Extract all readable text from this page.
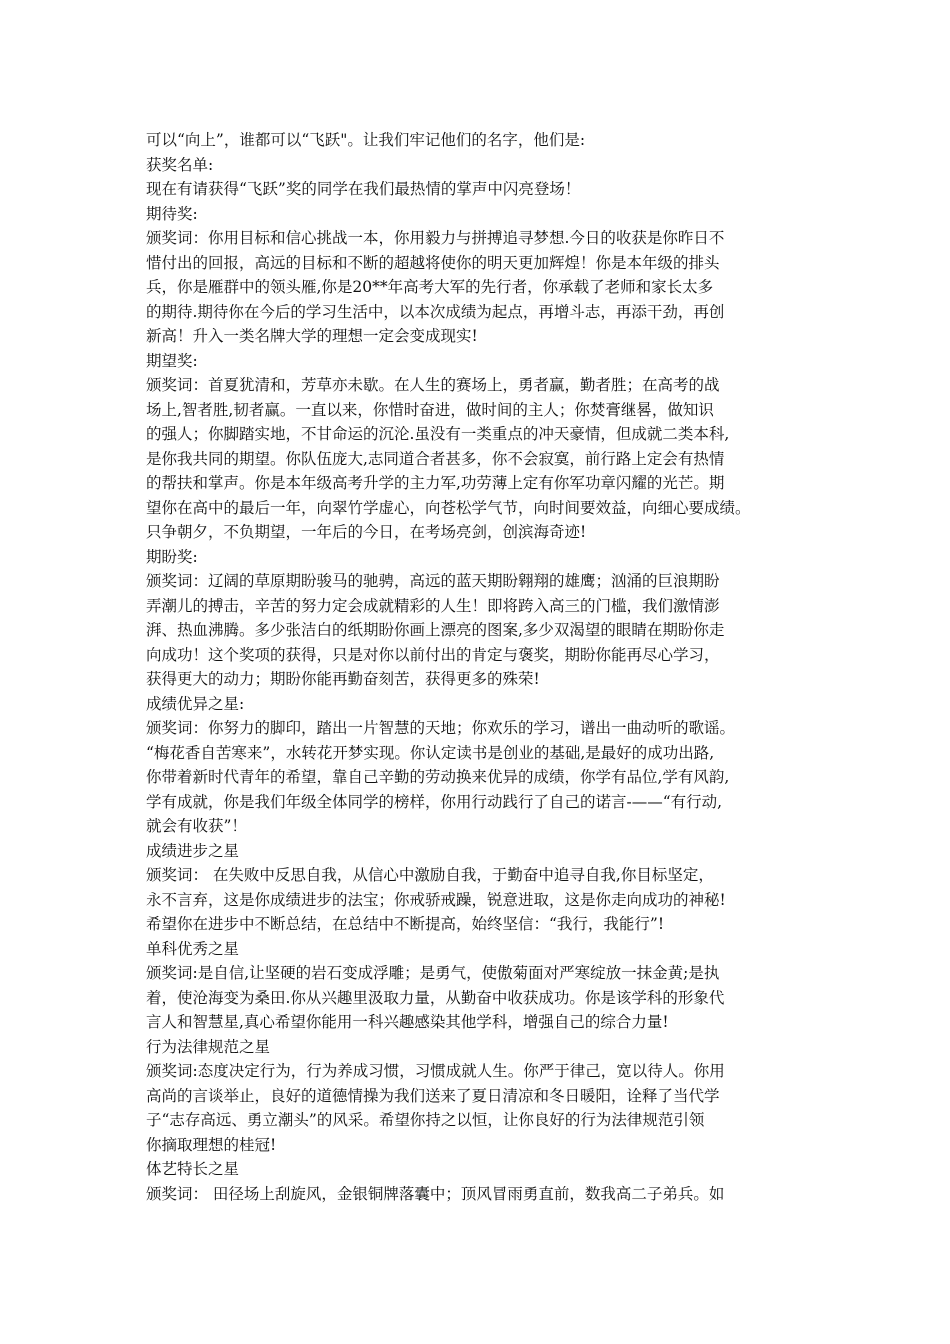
可以“向上”，谁都可以“飞跃"。让我们牢记他们的名字，他们是:
获奖名单:
现在有请获得“飞跃”奖的同学在我们最热情的掌声中闪亮登场！
期待奖:
颁奖词：你用目标和信心挑战一本，你用毅力与拼搏追寻梦想.今日的收获是你昨日不
惜付出的回报，高远的目标和不断的超越将使你的明天更加辉煌！你是本年级的排头
兵，你是雁群中的领头雁,你是20**年高考大军的先行者，你承载了老师和家长太多
的期待.期待你在今后的学习生活中，以本次成绩为起点，再增斗志，再添干劲，再创
新高！升入一类名牌大学的理想一定会变成现实!
期望奖:
颁奖词：首夏犹清和，芳草亦未歇。在人生的赛场上，勇者赢，勤者胜；在高考的战
场上,智者胜,韧者赢。一直以来，你惜时奋进，做时间的主人；你焚膏继晷，做知识
的强人；你脚踏实地，不甘命运的沉沦.虽没有一类重点的冲天豪情，但成就二类本科,
是你我共同的期望。你队伍庞大,志同道合者甚多，你不会寂寞，前行路上定会有热情
的帮扶和掌声。你是本年级高考升学的主力军,功劳薄上定有你军功章闪耀的光芒。期
望你在高中的最后一年，向翠竹学虚心，向苍松学气节，向时间要效益，向细心要成绩。
只争朝夕，不负期望，一年后的今日，在考场亮剑，创滨海奇迹!
期盼奖:
颁奖词：辽阔的草原期盼骏马的驰骋，高远的蓝天期盼翱翔的雄鹰；汹涌的巨浪期盼
弄潮儿的搏击，辛苦的努力定会成就精彩的人生！即将跨入高三的门槛，我们激情澎
湃、热血沸腾。多少张洁白的纸期盼你画上漂亮的图案,多少双渴望的眼睛在期盼你走
向成功！这个奖项的获得，只是对你以前付出的肯定与褒奖，期盼你能再尽心学习，
获得更大的动力；期盼你能再勤奋刻苦，获得更多的殊荣!
成绩优异之星:
颁奖词：你努力的脚印，踏出一片智慧的天地；你欢乐的学习，谱出一曲动听的歌谣。
“梅花香自苦寒来”，水转花开梦实现。你认定读书是创业的基础,是最好的成功出路,
你带着新时代青年的希望，靠自己辛勤的劳动换来优异的成绩，你学有品位,学有风韵,
学有成就，你是我们年级全体同学的榜样，你用行动践行了自己的诺言-——“有行动,
就会有收获”！
成绩进步之星
颁奖词： 在失败中反思自我，从信心中激励自我，于勤奋中追寻自我,你目标坚定，
永不言弃，这是你成绩进步的法宝；你戒骄戒躁，锐意进取，这是你走向成功的神秘!
希望你在进步中不断总结，在总结中不断提高，始终坚信：“我行，我能行”!
单科优秀之星
颁奖词:是自信,让坚硬的岩石变成浮雕；是勇气，使傲菊面对严寒绽放一抹金黄;是执
着，使沧海变为桑田.你从兴趣里汲取力量，从勤奋中收获成功。你是该学科的形象代
言人和智慧星,真心希望你能用一科兴趣感染其他学科，增强自己的综合力量!
行为法律规范之星
颁奖词:态度决定行为，行为养成习惯，习惯成就人生。你严于律己，宽以待人。你用
高尚的言谈举止，良好的道德情操为我们送来了夏日清凉和冬日暖阳，诠释了当代学
子“志存高远、勇立潮头”的风采。希望你持之以恒，让你良好的行为法律规范引领
你摘取理想的桂冠!
体艺特长之星
颁奖词： 田径场上刮旋风，金银铜牌落囊中；顶风冒雨勇直前，数我高二子弟兵。如
